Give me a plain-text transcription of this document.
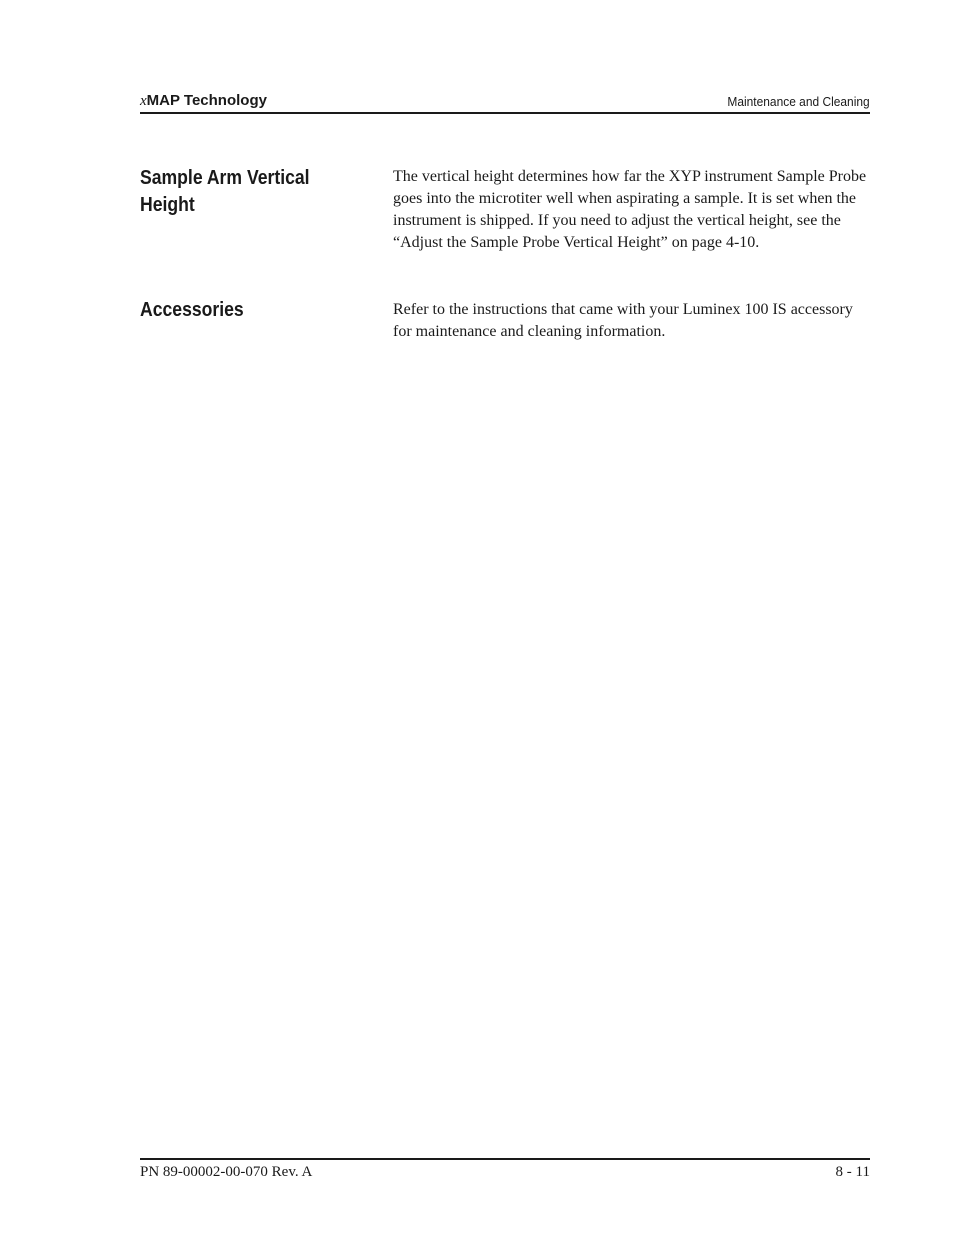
xMAP Technology	Maintenance and Cleaning
Sample Arm Vertical Height

The vertical height determines how far the XYP instrument Sample Probe goes into the microtiter well when aspirating a sample. It is set when the instrument is shipped. If you need to adjust the vertical height, see the “Adjust the Sample Probe Vertical Height” on page 4-10.

Accessories	Refer to the instructions that came with your Luminex 100 IS accessory for maintenance and cleaning information.

PN 89-00002-00-070 Rev. A	8 - 11
